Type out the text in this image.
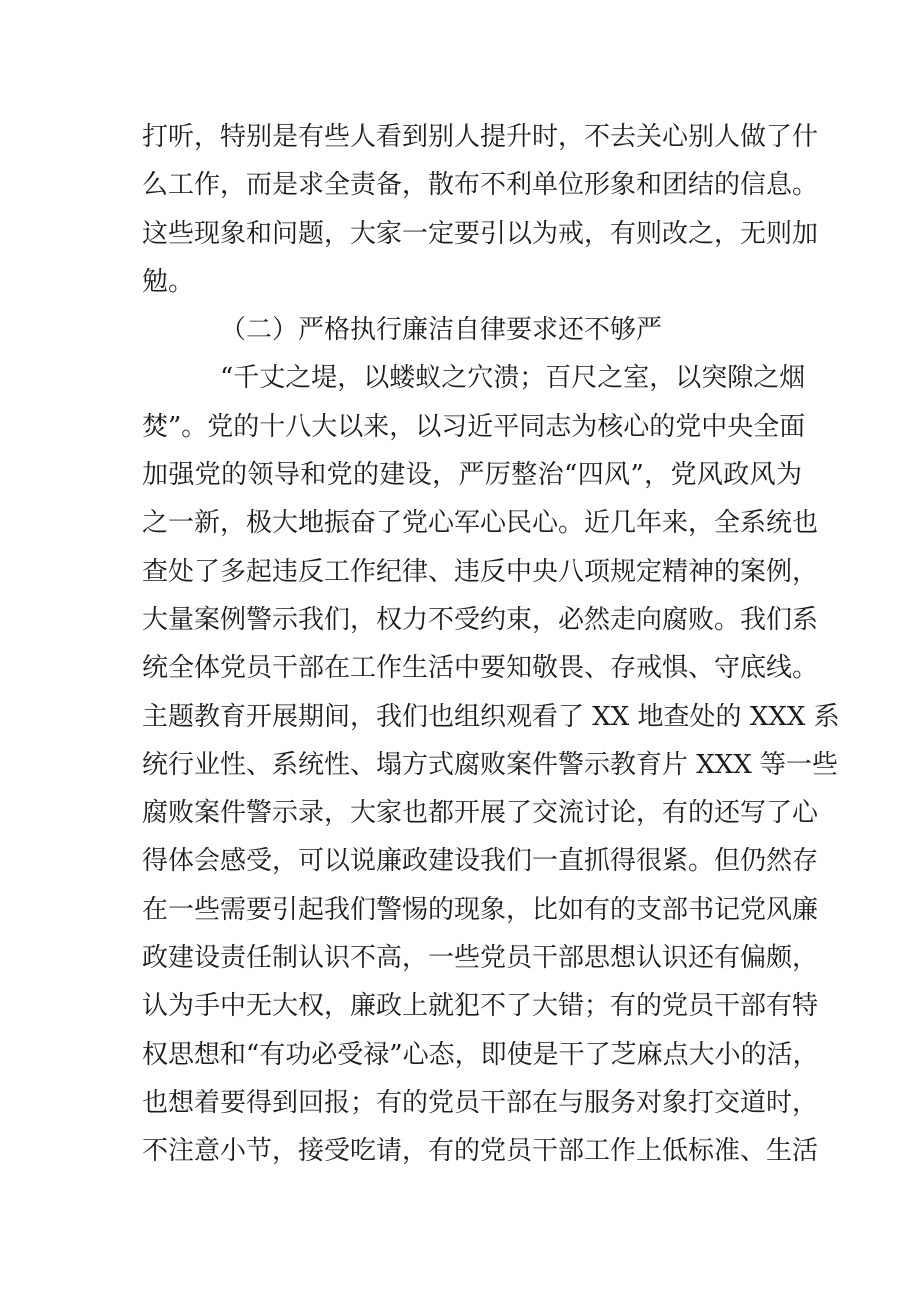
打听，特别是有些人看到别人提升时，不去关心别人做了什
么工作，而是求全责备，散布不利单位形象和团结的信息。
这些现象和问题，大家一定要引以为戒，有则改之，无则加
勉。
（二）严格执行廉洁自律要求还不够严
“千丈之堤，以蝼蚁之穴溃；百尺之室，以突隙之烟
焚”。党的十八大以来，以习近平同志为核心的党中央全面
加强党的领导和党的建设，严厉整治“四风”，党风政风为
之一新，极大地振奋了党心军心民心。近几年来，全系统也
查处了多起违反工作纪律、违反中央八项规定精神的案例，
大量案例警示我们，权力不受约束，必然走向腐败。我们系
统全体党员干部在工作生活中要知敬畏、存戒惧、守底线。
主题教育开展期间，我们也组织观看了 XX 地查处的 XXX 系
统行业性、系统性、塌方式腐败案件警示教育片 XXX 等一些
腐败案件警示录，大家也都开展了交流讨论，有的还写了心
得体会感受，可以说廉政建设我们一直抓得很紧。但仍然存
在一些需要引起我们警惕的现象，比如有的支部书记党风廉
政建设责任制认识不高，一些党员干部思想认识还有偏颇，
认为手中无大权，廉政上就犯不了大错；有的党员干部有特
权思想和“有功必受禄”心态，即使是干了芝麻点大小的活，
也想着要得到回报；有的党员干部在与服务对象打交道时，
不注意小节，接受吃请，有的党员干部工作上低标准、生活
